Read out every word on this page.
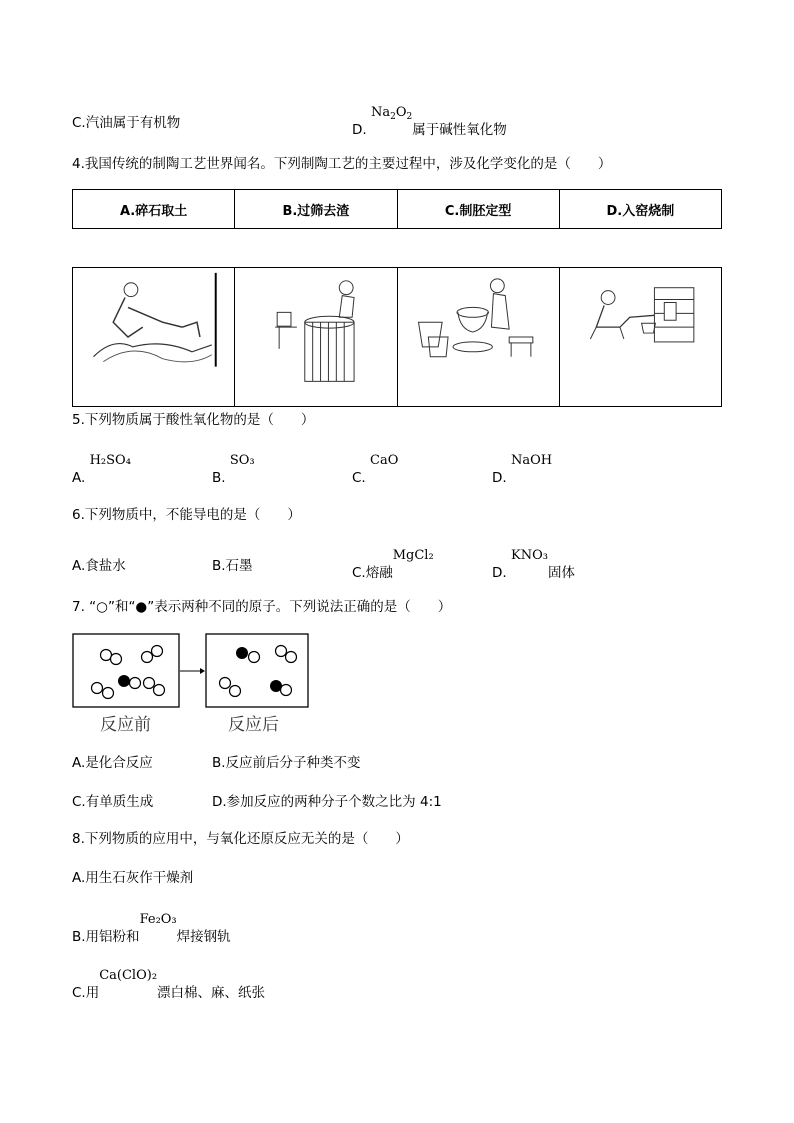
C.汽油属于有机物	D. $Na_2O_2$属于碱性氧化物
4.我国传统的制陶工艺世界闻名。下列制陶工艺的主要过程中，涉及化学变化的是（　　）
A.碎石取土	B.过筛去渣	C.制胚定型	D.入窑烧制
5.下列物质属于酸性氧化物的是（　　）
A. H₂SO₄
B. SO₃
C. CaO
D. NaOH
6.下列物质中，不能导电的是（　　）
A.食盐水	B.石墨	C.熔融MgCl₂
D. KNO₃固体
7. “○”和“●”表示两种不同的原子。下列说法正确的是（　　）
反应前	反应后
A.是化合反应	B.反应前后分子种类不变
C.有单质生成	D.参加反应的两种分子个数之比为 4:1
8.下列物质的应用中，与氧化还原反应无关的是（　　）
A.用生石灰作干燥剂
B.用铝粉和Fe₂O₃焊接钢轨
C.用Ca(ClO)₂漂白棉、麻、纸张
